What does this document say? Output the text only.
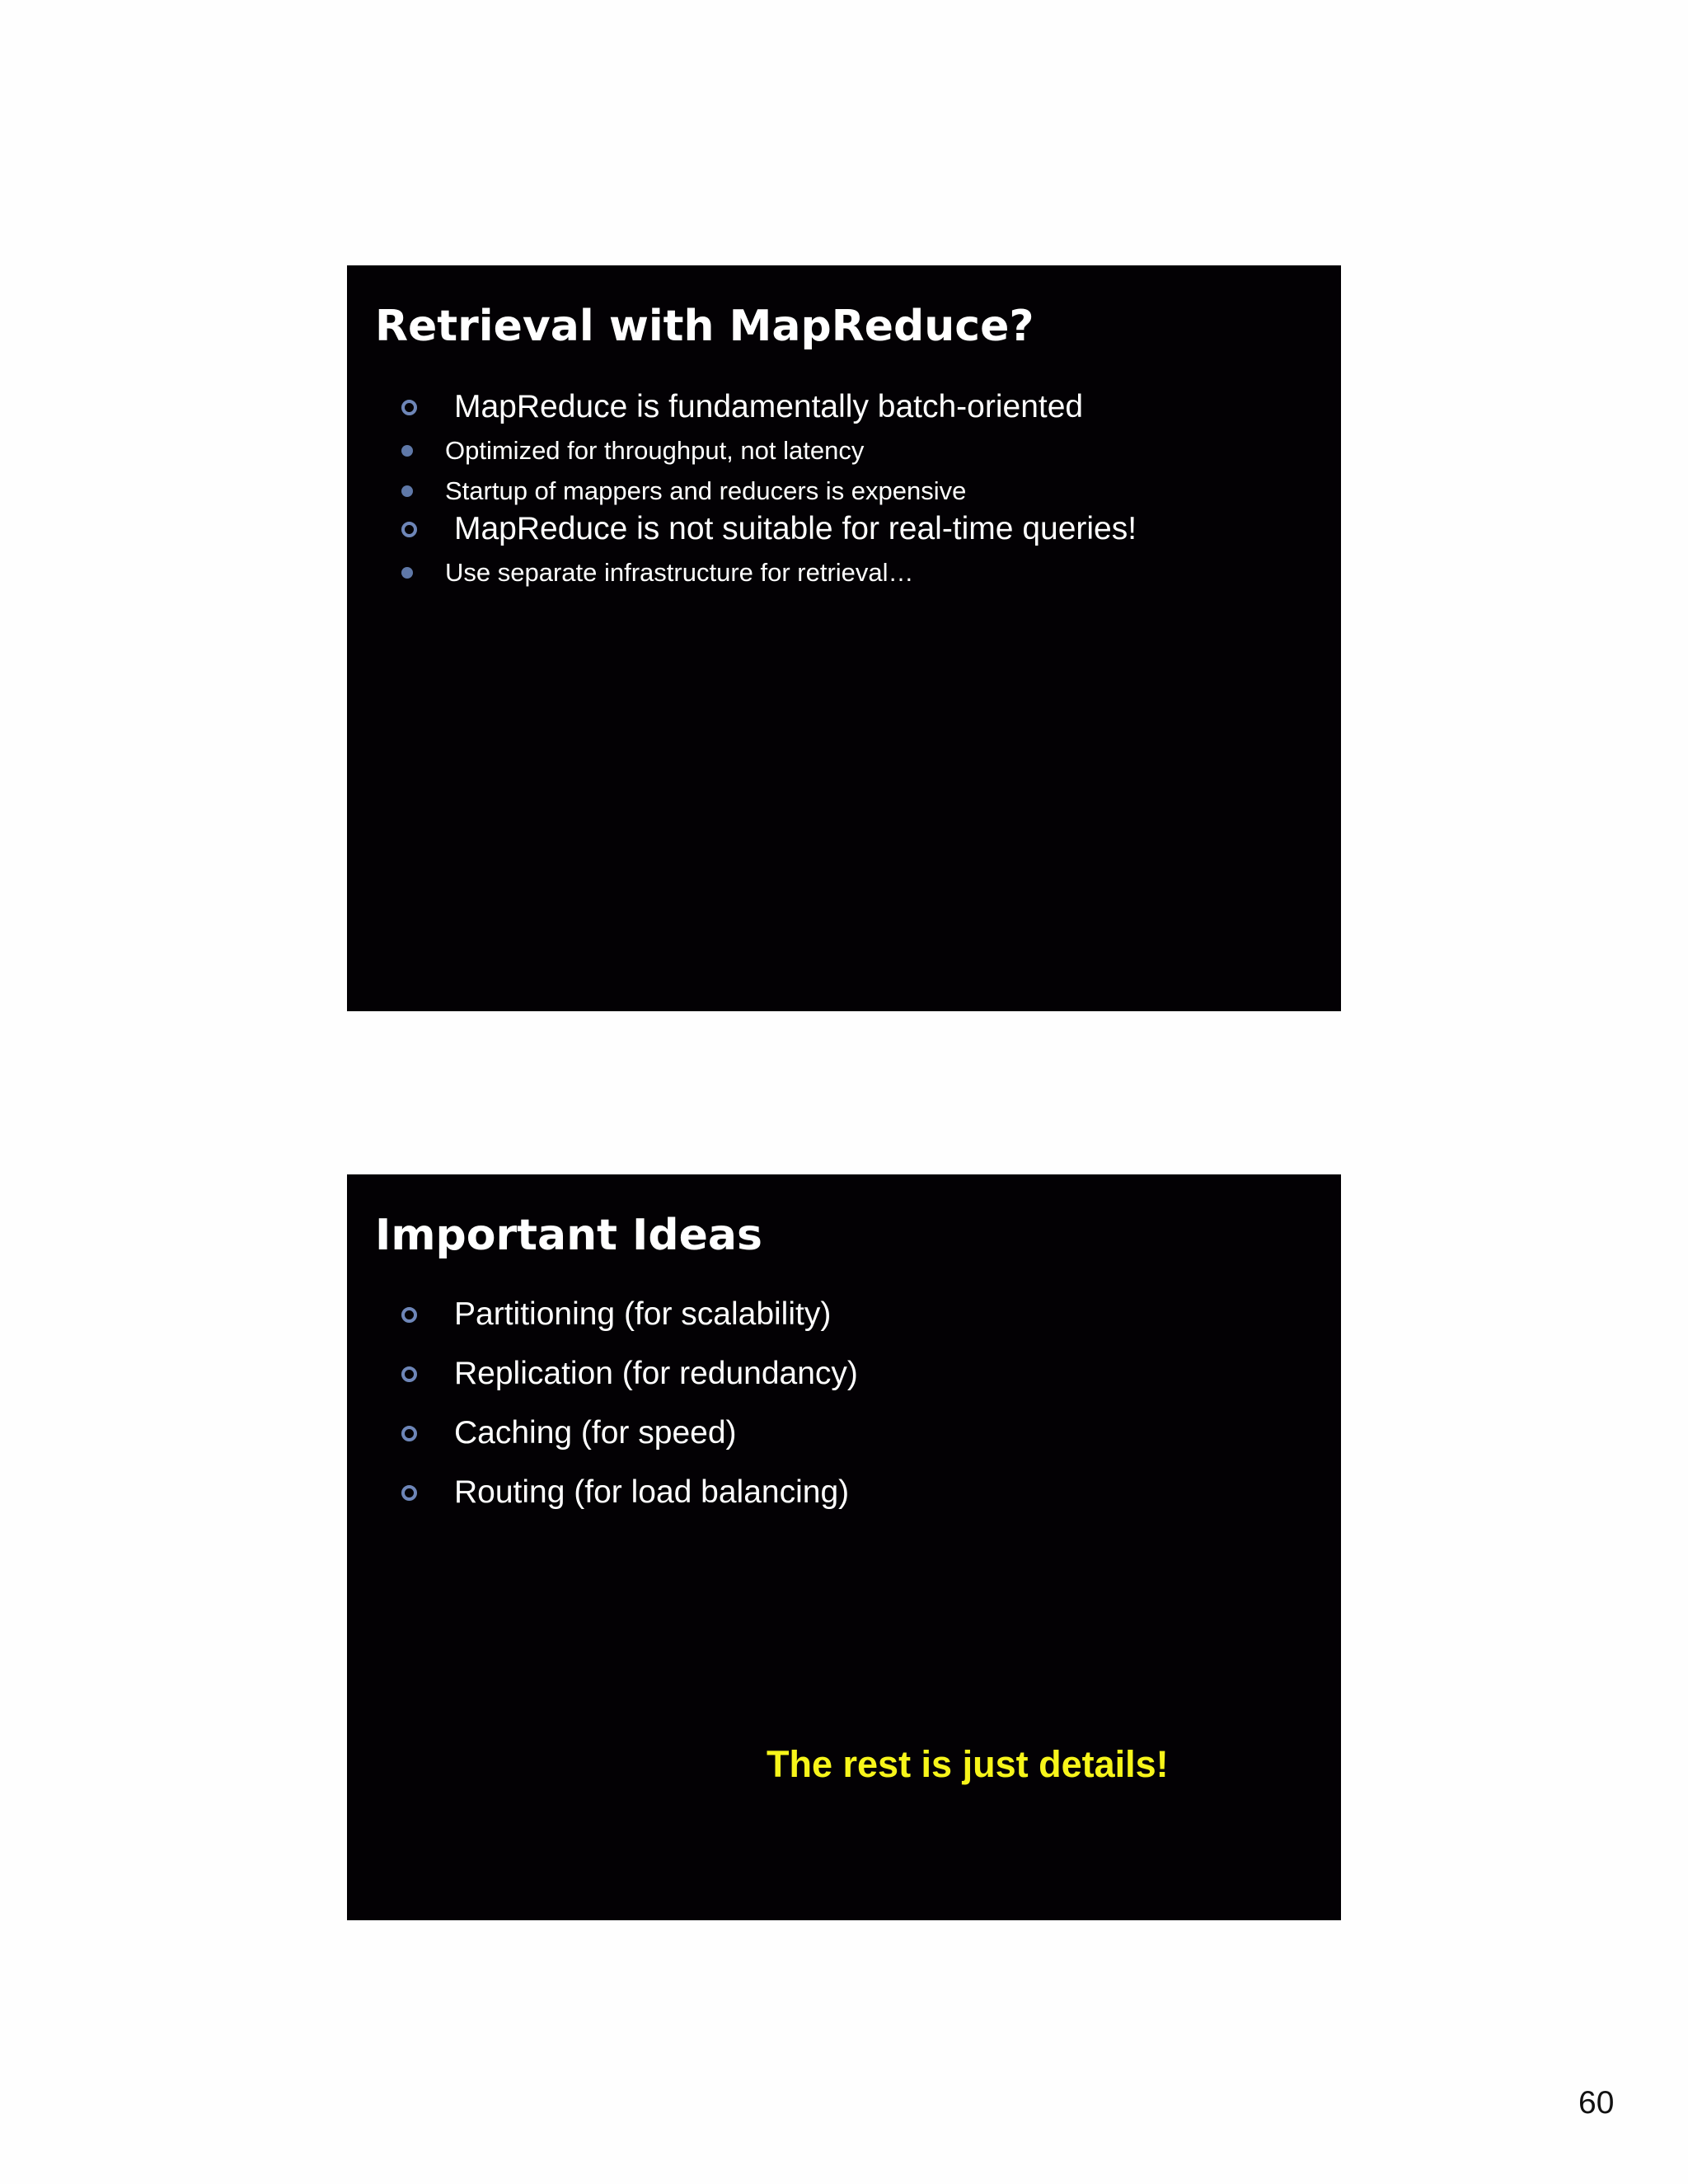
Retrieval with MapReduce?
MapReduce is fundamentally batch-oriented
Optimized for throughput, not latency
Startup of mappers and reducers is expensive
MapReduce is not suitable for real-time queries!
Use separate infrastructure for retrieval…
Important Ideas
Partitioning (for scalability)
Replication (for redundancy)
Caching (for speed)
Routing (for load balancing)

The rest is just details!

60
